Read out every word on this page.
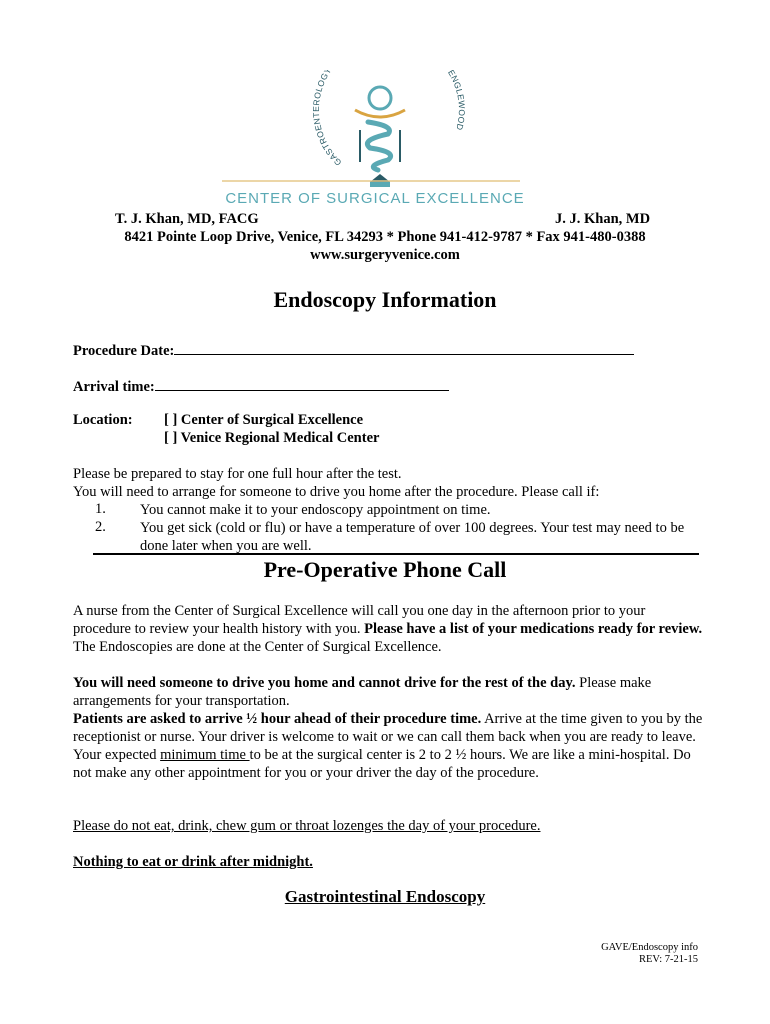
GASTROENTEROLOGY ENGLEWOOD
CENTER OF SURGICAL EXCELLENCE
T. J. Khan, MD, FACG	J. J. Khan, MD
8421 Pointe Loop Drive, Venice, FL 34293 * Phone 941-412-9787 * Fax 941-480-0388
www.surgeryvenice.com
Endoscopy Information
Procedure Date:
Arrival time:
Location: [ ] Center of Surgical Excellence
[ ] Venice Regional Medical Center
Please be prepared to stay for one full hour after the test.
You will need to arrange for someone to drive you home after the procedure. Please call if:
1. You cannot make it to your endoscopy appointment on time.
2. You get sick (cold or flu) or have a temperature of over 100 degrees. Your test may need to be done later when you are well.
Pre-Operative Phone Call
A nurse from the Center of Surgical Excellence will call you one day in the afternoon prior to your procedure to review your health history with you. Please have a list of your medications ready for review. The Endoscopies are done at the Center of Surgical Excellence.
You will need someone to drive you home and cannot drive for the rest of the day. Please make arrangements for your transportation.
Patients are asked to arrive ½ hour ahead of their procedure time. Arrive at the time given to you by the receptionist or nurse. Your driver is welcome to wait or we can call them back when you are ready to leave. Your expected minimum time to be at the surgical center is 2 to 2 ½ hours. We are like a mini-hospital. Do not make any other appointment for you or your driver the day of the procedure.
Please do not eat, drink, chew gum or throat lozenges the day of your procedure.
Nothing to eat or drink after midnight.
Gastrointestinal Endoscopy
GAVE/Endoscopy info
REV: 7-21-15
